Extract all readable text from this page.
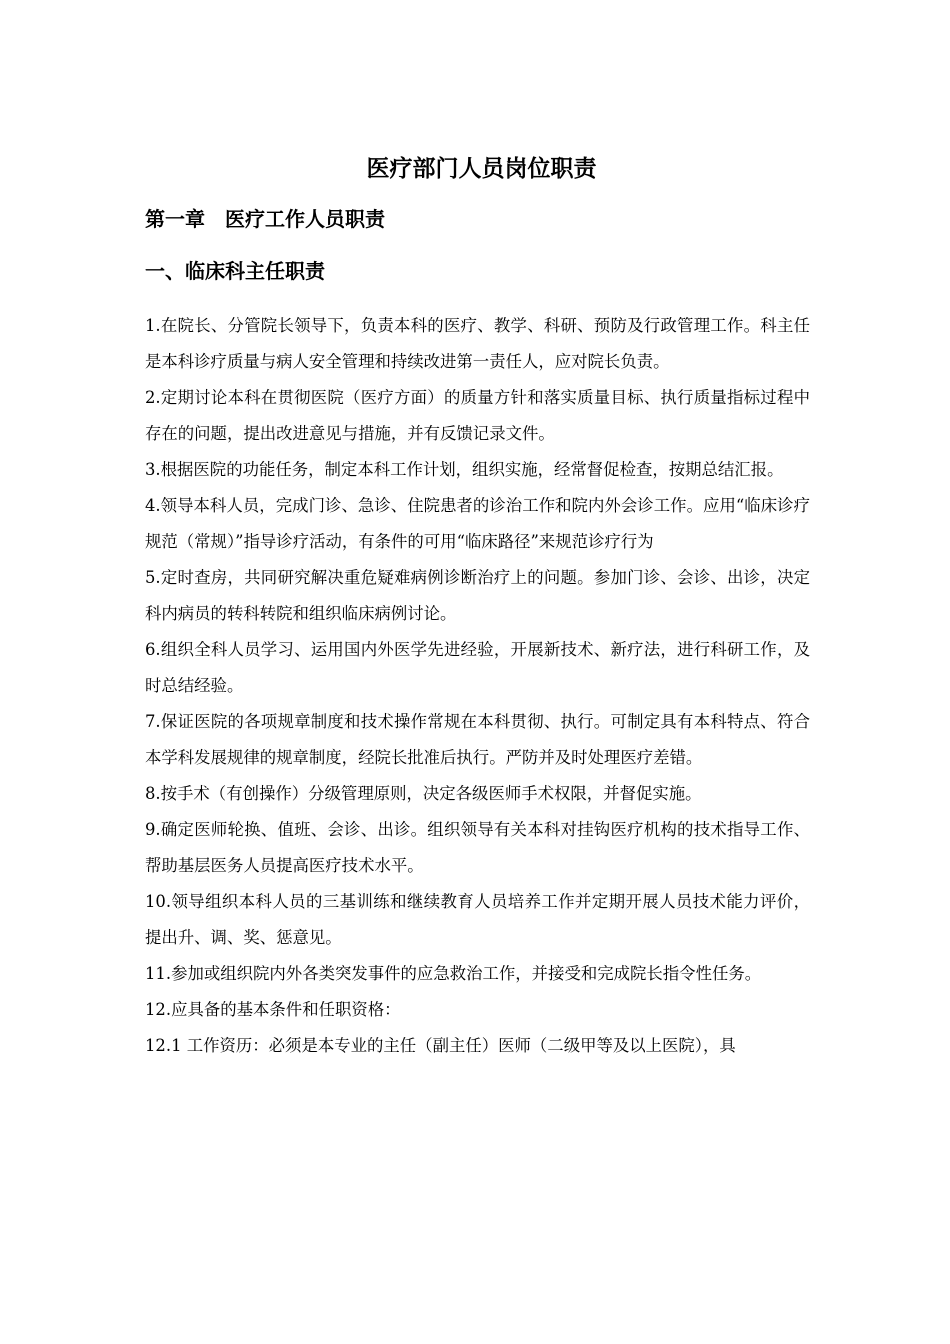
医疗部门人员岗位职责
第一章　医疗工作人员职责
一、临床科主任职责

1.在院长、分管院长领导下，负责本科的医疗、教学、科研、预防及行政管理工作。科主任是本科诊疗质量与病人安全管理和持续改进第一责任人，应对院长负责。

2.定期讨论本科在贯彻医院（医疗方面）的质量方针和落实质量目标、执行质量指标过程中存在的问题，提出改进意见与措施，并有反馈记录文件。

3.根据医院的功能任务，制定本科工作计划，组织实施，经常督促检查，按期总结汇报。

4.领导本科人员，完成门诊、急诊、住院患者的诊治工作和院内外会诊工作。应用“临床诊疗规范（常规）”指导诊疗活动，有条件的可用“临床路径”来规范诊疗行为

5.定时查房，共同研究解决重危疑难病例诊断治疗上的问题。参加门诊、会诊、出诊，决定科内病员的转科转院和组织临床病例讨论。

6.组织全科人员学习、运用国内外医学先进经验，开展新技术、新疗法，进行科研工作，及时总结经验。

7.保证医院的各项规章制度和技术操作常规在本科贯彻、执行。可制定具有本科特点、符合本学科发展规律的规章制度，经院长批准后执行。严防并及时处理医疗差错。

8.按手术（有创操作）分级管理原则，决定各级医师手术权限，并督促实施。

9.确定医师轮换、值班、会诊、出诊。组织领导有关本科对挂钩医疗机构的技术指导工作、帮助基层医务人员提高医疗技术水平。

10.领导组织本科人员的三基训练和继续教育人员培养工作并定期开展人员技术能力评价，提出升、调、奖、惩意见。

11.参加或组织院内外各类突发事件的应急救治工作，并接受和完成院长指令性任务。

12.应具备的基本条件和任职资格：

12.1 工作资历：必须是本专业的主任（副主任）医师（二级甲等及以上医院），具
